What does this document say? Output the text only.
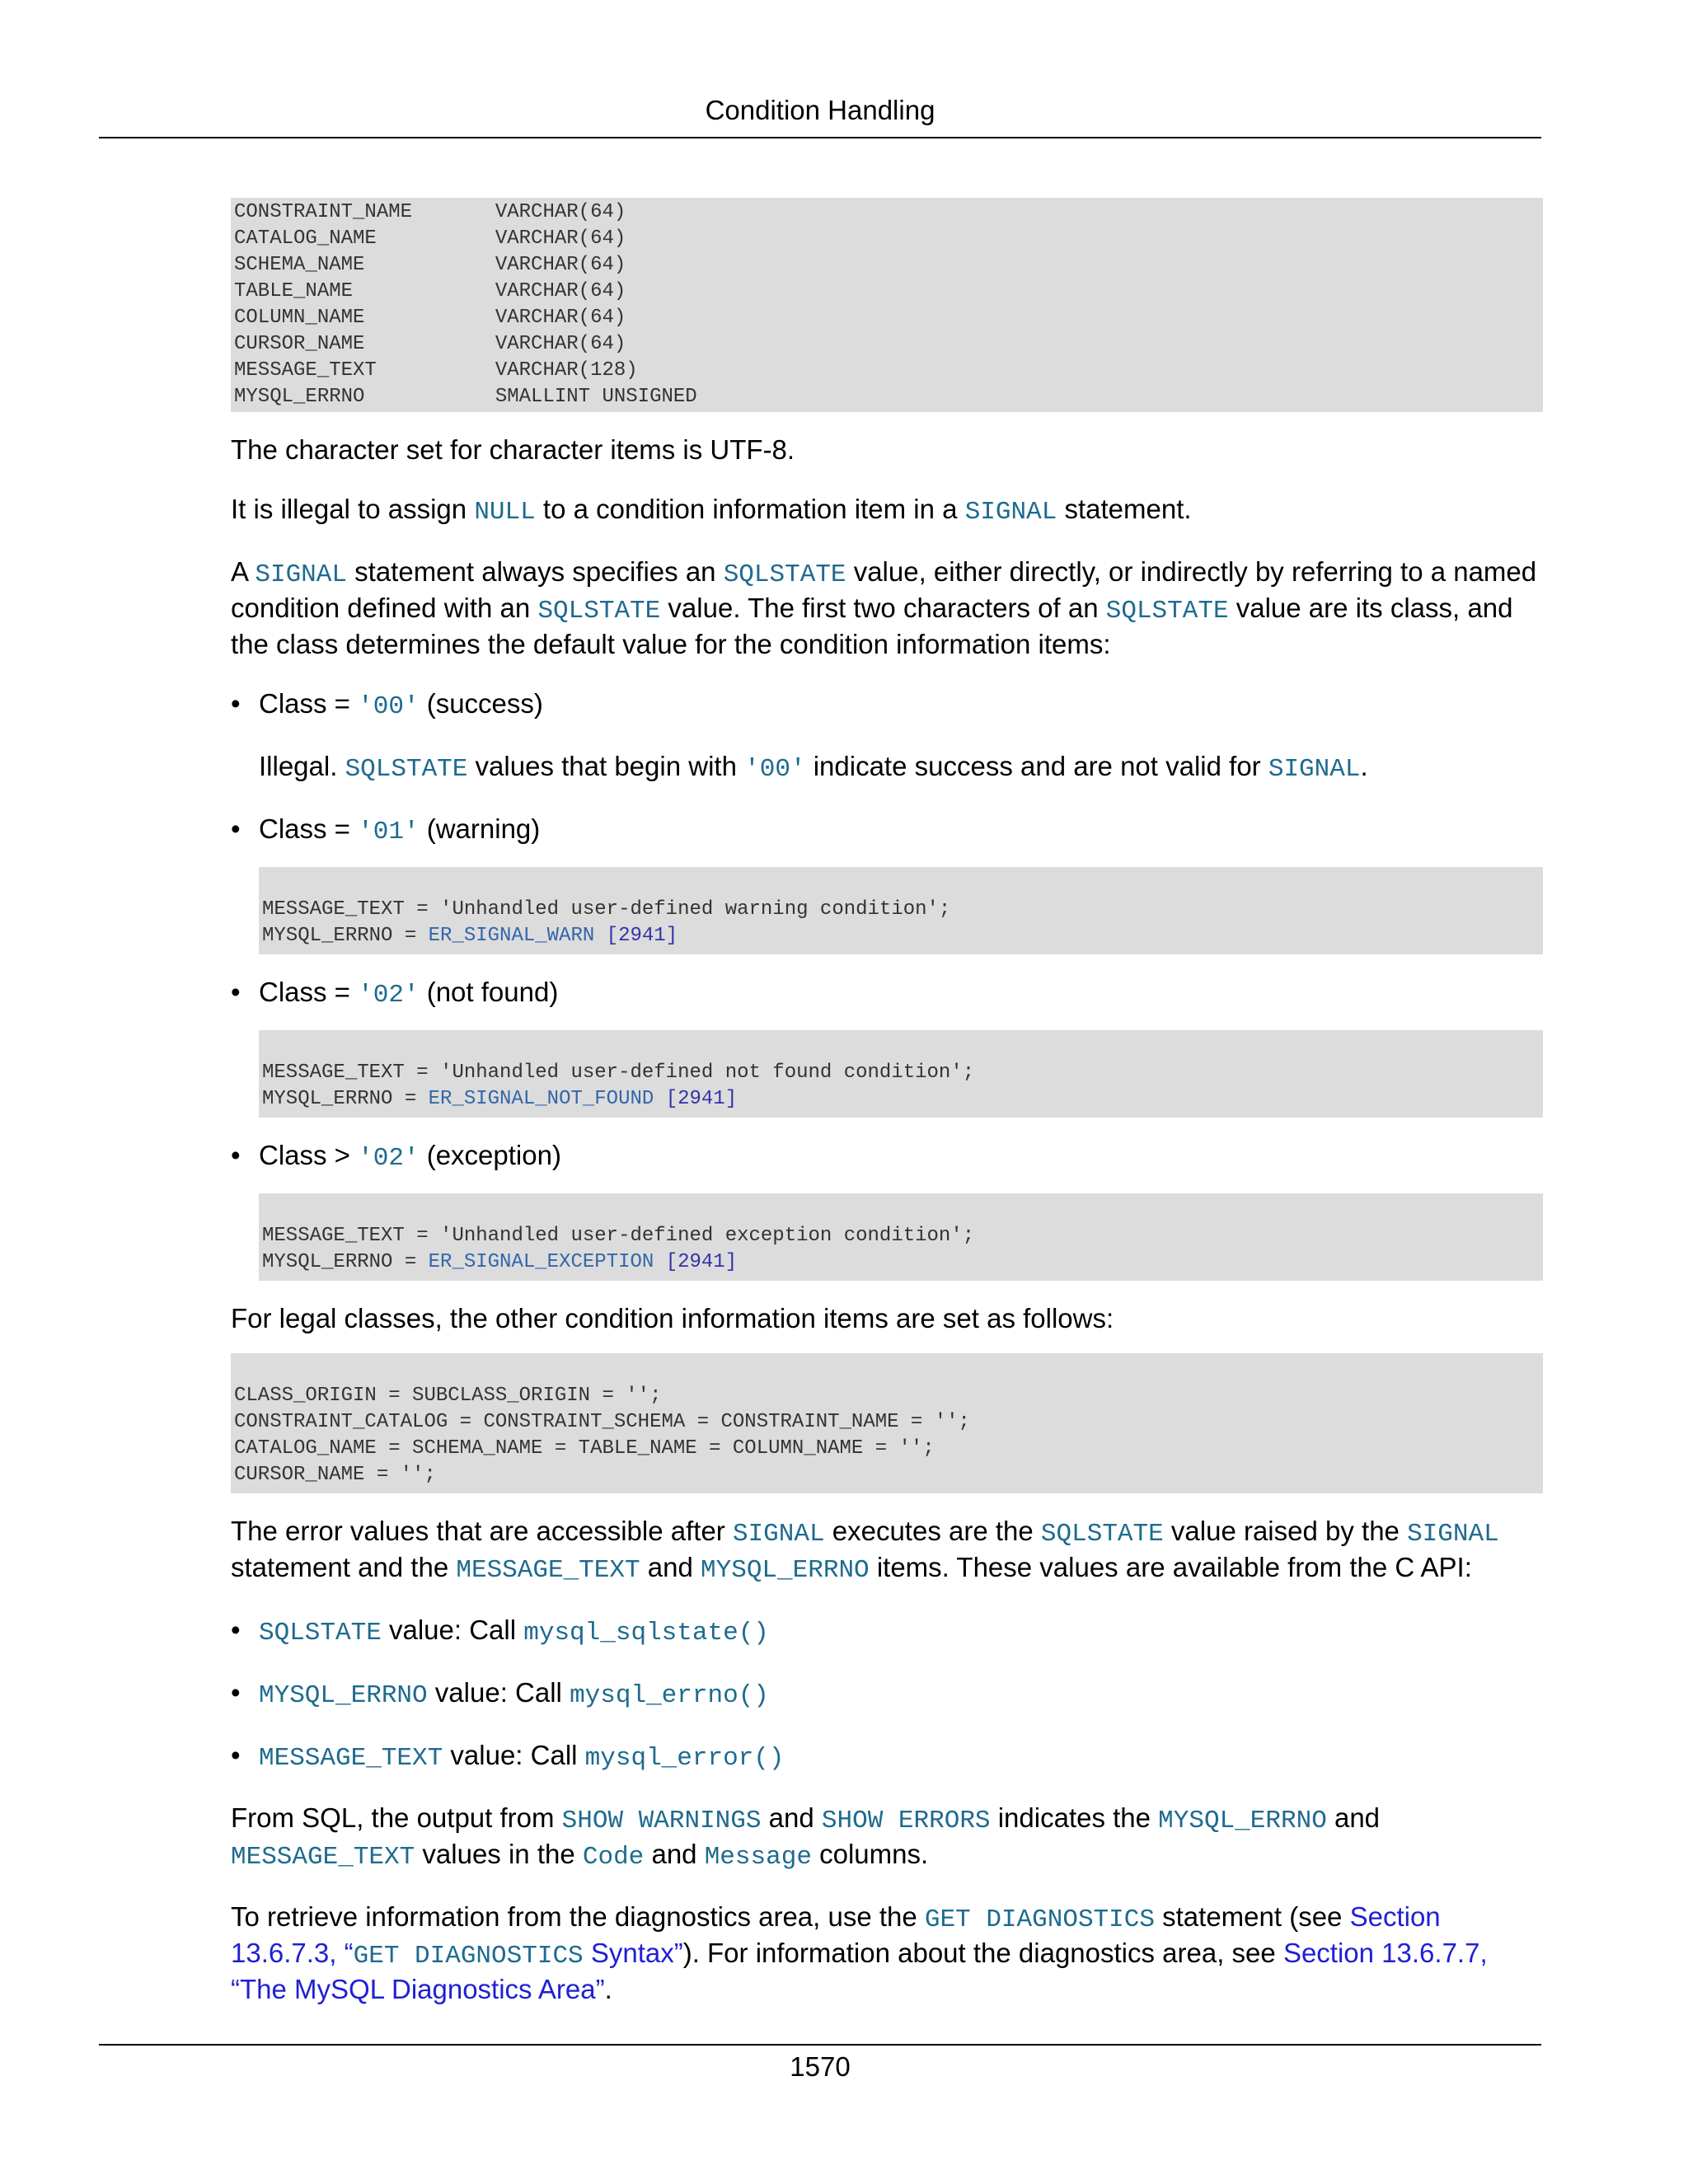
Condition Handling
CONSTRAINT_NAME       VARCHAR(64)
CATALOG_NAME          VARCHAR(64)
SCHEMA_NAME           VARCHAR(64)
TABLE_NAME            VARCHAR(64)
COLUMN_NAME           VARCHAR(64)
CURSOR_NAME           VARCHAR(64)
MESSAGE_TEXT          VARCHAR(128)
MYSQL_ERRNO           SMALLINT UNSIGNED

The character set for character items is UTF-8.

It is illegal to assign NULL to a condition information item in a SIGNAL statement.

A SIGNAL statement always specifies an SQLSTATE value, either directly, or indirectly by referring to a named condition defined with an SQLSTATE value. The first two characters of an SQLSTATE value are its class, and the class determines the default value for the condition information items:

• Class = '00' (success)

Illegal. SQLSTATE values that begin with '00' indicate success and are not valid for SIGNAL.

• Class = '01' (warning)

MESSAGE_TEXT = 'Unhandled user-defined warning condition';
MYSQL_ERRNO = ER_SIGNAL_WARN [2941]
• Class = '02' (not found)

MESSAGE_TEXT = 'Unhandled user-defined not found condition';
MYSQL_ERRNO = ER_SIGNAL_NOT_FOUND [2941]
• Class > '02' (exception)

MESSAGE_TEXT = 'Unhandled user-defined exception condition';
MYSQL_ERRNO = ER_SIGNAL_EXCEPTION [2941]

For legal classes, the other condition information items are set as follows:

CLASS_ORIGIN = SUBCLASS_ORIGIN = '';
CONSTRAINT_CATALOG = CONSTRAINT_SCHEMA = CONSTRAINT_NAME = '';
CATALOG_NAME = SCHEMA_NAME = TABLE_NAME = COLUMN_NAME = '';
CURSOR_NAME = '';

The error values that are accessible after SIGNAL executes are the SQLSTATE value raised by the SIGNAL statement and the MESSAGE_TEXT and MYSQL_ERRNO items. These values are available from the C API:

• SQLSTATE value: Call mysql_sqlstate()

• MYSQL_ERRNO value: Call mysql_errno()

• MESSAGE_TEXT value: Call mysql_error()

From SQL, the output from SHOW WARNINGS and SHOW ERRORS indicates the MYSQL_ERRNO and MESSAGE_TEXT values in the Code and Message columns.

To retrieve information from the diagnostics area, use the GET DIAGNOSTICS statement (see Section 13.6.7.3, “GET DIAGNOSTICS Syntax”). For information about the diagnostics area, see Section 13.6.7.7, “The MySQL Diagnostics Area”.

1570
